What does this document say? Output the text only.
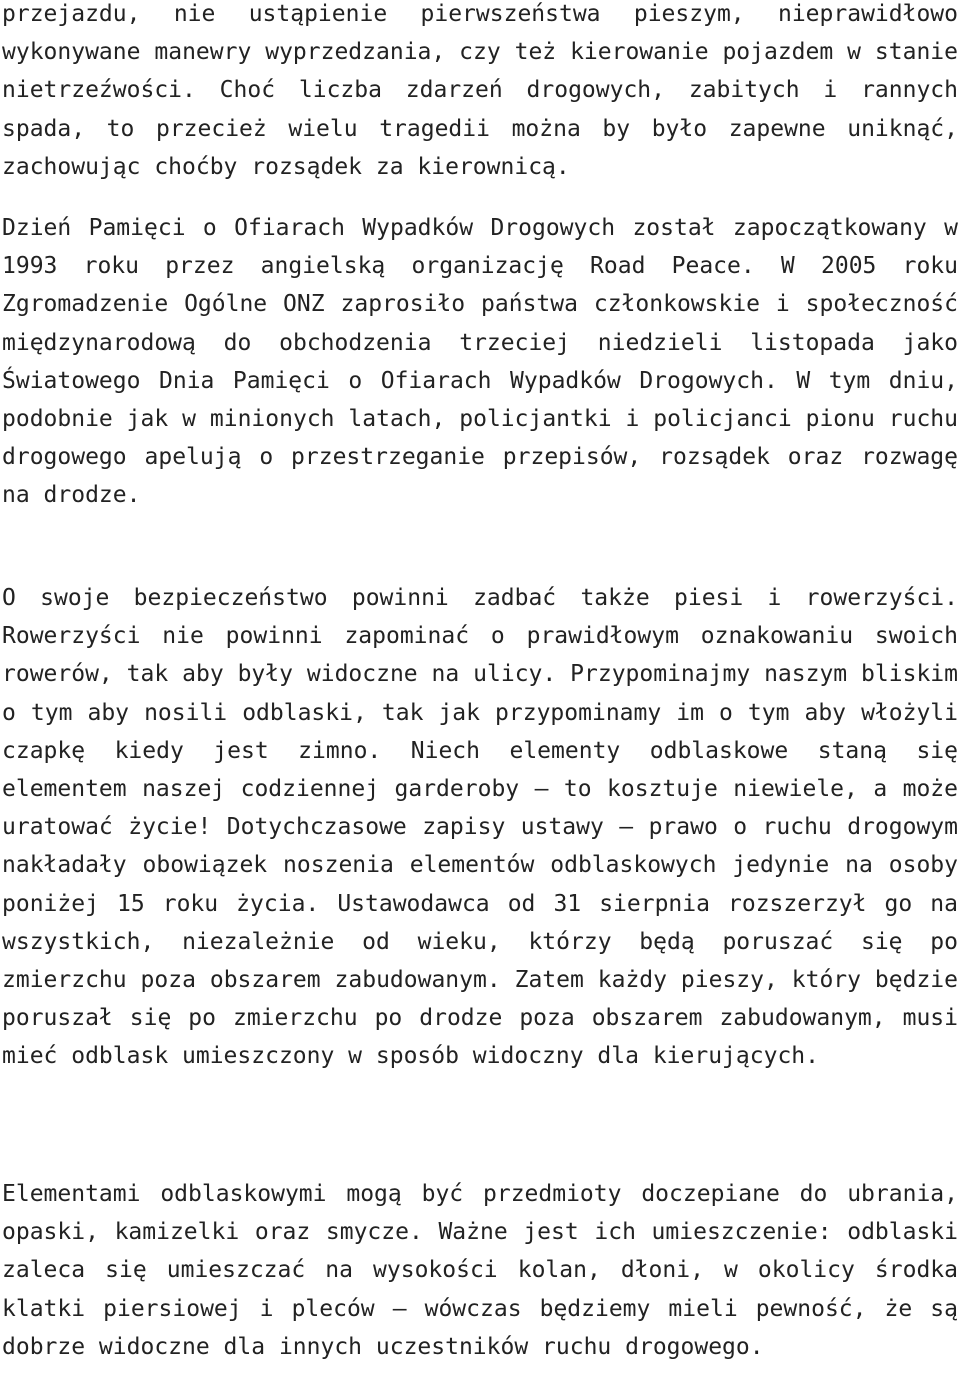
przejazdu, nie ustąpienie pierwszeństwa pieszym, nieprawidłowo wykonywane manewry wyprzedzania, czy też kierowanie pojazdem w stanie nietrzeźwości. Choć liczba zdarzeń drogowych, zabitych i rannych spada, to przecież wielu tragedii można by było zapewne uniknąć, zachowując choćby rozsądek za kierownicą.

Dzień Pamięci o Ofiarach Wypadków Drogowych został zapoczątkowany w 1993 roku przez angielską organizację Road Peace. W 2005 roku Zgromadzenie Ogólne ONZ zaprosiło państwa członkowskie i społeczność międzynarodową do obchodzenia trzeciej niedzieli listopada jako Światowego Dnia Pamięci o Ofiarach Wypadków Drogowych. W tym dniu, podobnie jak w minionych latach, policjantki i policjanci pionu ruchu drogowego apelują o przestrzeganie przepisów, rozsądek oraz rozwagę na drodze.

O swoje bezpieczeństwo powinni zadbać także piesi i rowerzyści. Rowerzyści nie powinni zapominać o prawidłowym oznakowaniu swoich rowerów, tak aby były widoczne na ulicy. Przypominajmy naszym bliskim o tym aby nosili odblaski, tak jak przypominamy im o tym aby włożyli czapkę kiedy jest zimno. Niech elementy odblaskowe staną się elementem naszej codziennej garderoby – to kosztuje niewiele, a może uratować życie! Dotychczasowe zapisy ustawy – prawo o ruchu drogowym nakładały obowiązek noszenia elementów odblaskowych jedynie na osoby poniżej 15 roku życia. Ustawodawca od 31 sierpnia rozszerzył go na wszystkich, niezależnie od wieku, którzy będą poruszać się po zmierzchu poza obszarem zabudowanym. Zatem każdy pieszy, który będzie poruszał się po zmierzchu po drodze poza obszarem zabudowanym, musi mieć odblask umieszczony w sposób widoczny dla kierujących.

Elementami odblaskowymi mogą być przedmioty doczepiane do ubrania, opaski, kamizelki oraz smycze. Ważne jest ich umieszczenie: odblaski zaleca się umieszczać na wysokości kolan, dłoni, w okolicy środka klatki piersiowej i pleców – wówczas będziemy mieli pewność, że są dobrze widoczne dla innych uczestników ruchu drogowego.
